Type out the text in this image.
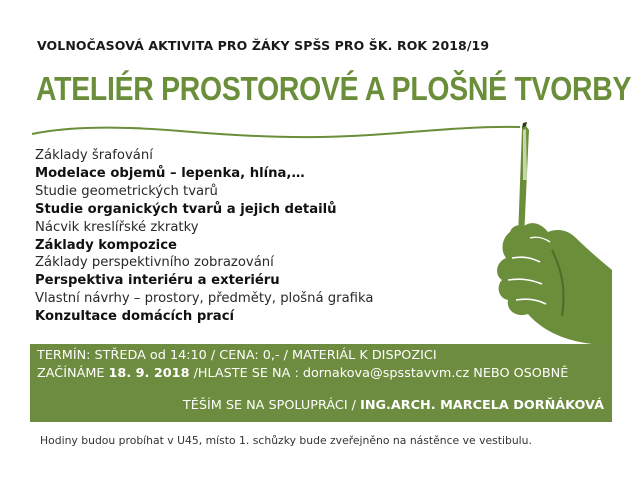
VOLNOČASOVÁ AKTIVITA PRO ŽÁKY SPŠS PRO ŠK. ROK 2018/19
ATELIÉR PROSTOROVÉ A PLOŠNÉ TVORBY
Základy šrafování
Modelace objemů – lepenka, hlína,…
Studie geometrických tvarů
Studie organických tvarů a jejich detailů
Nácvik kreslířské zkratky
Základy kompozice
Základy perspektivního zobrazování
Perspektiva interiéru a exteriéru
Vlastní návrhy – prostory, předměty, plošná grafika
Konzultace domácích prací
TERMÍN: STŘEDA od 14:10 / CENA: 0,- / MATERIÁL K DISPOZICI
ZAČÍNÁME 18. 9. 2018 /HLASTE SE NA : dornakova@spsstavvm.cz NEBO OSOBNĚ
TĚŠÍM SE NA SPOLUPRÁCI / ING.ARCH. MARCELA DORŇÁKOVÁ
Hodiny budou probíhat v U45, místo 1. schůzky bude zveřejněno na nástěnce ve vestibulu.
